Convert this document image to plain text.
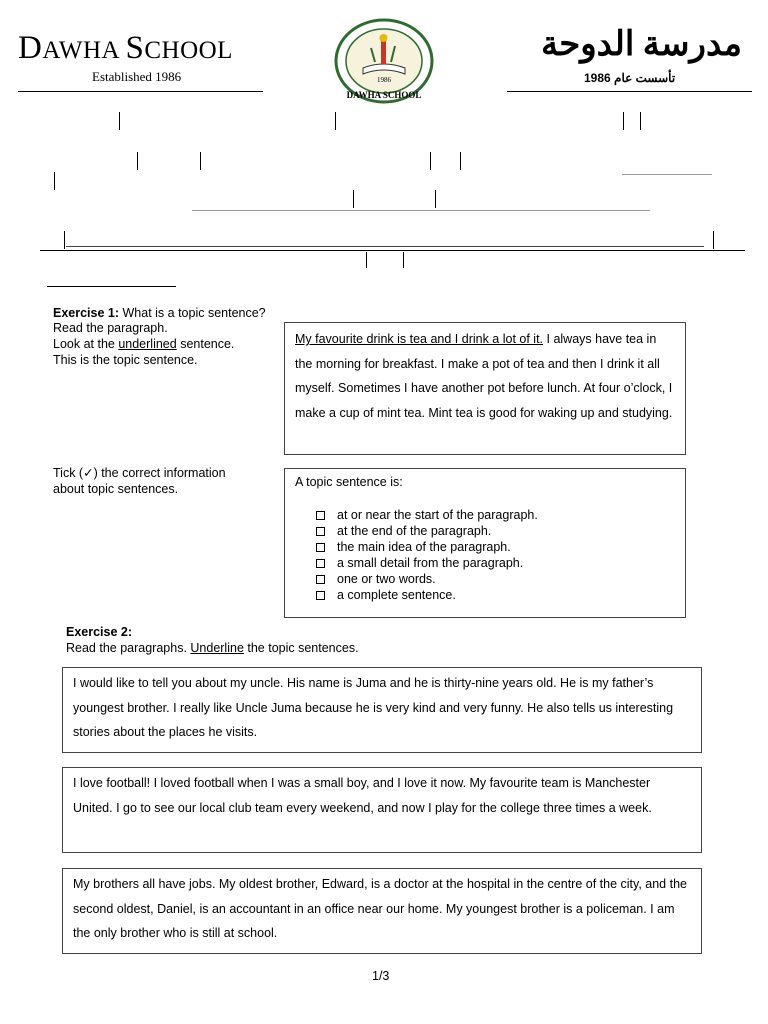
DAWHA SCHOOL
Established 1986	1986
DAWHA SCHOOL
مدرسة الدوحة
تأسست عام 1986
Exercise 1: What is a topic sentence?
Read the paragraph.
Look at the underlined sentence.
This is the topic sentence.
My favourite drink is tea and I drink a lot of it. I always have tea in the morning for breakfast. I make a pot of tea and then I drink it all myself. Sometimes I have another pot before lunch. At four o’clock, I make a cup of mint tea. Mint tea is good for waking up and studying.
Tick (✓) the correct information
about topic sentences.	A topic sentence is:
at or near the start of the paragraph.
at the end of the paragraph.
the main idea of the paragraph.
a small detail from the paragraph.
one or two words.
a complete sentence.
Exercise 2:
Read the paragraphs. Underline the topic sentences.
I would like to tell you about my uncle. His name is Juma and he is thirty-nine years old. He is my father’s youngest brother. I really like Uncle Juma because he is very kind and very funny. He also tells us interesting stories about the places he visits.
I love football! I loved football when I was a small boy, and I love it now. My favourite team is Manchester United. I go to see our local club team every weekend, and now I play for the college three times a week.
My brothers all have jobs. My oldest brother, Edward, is a doctor at the hospital in the centre of the city, and the second oldest, Daniel, is an accountant in an office near our home. My youngest brother is a policeman. I am the only brother who is still at school.
1/3
